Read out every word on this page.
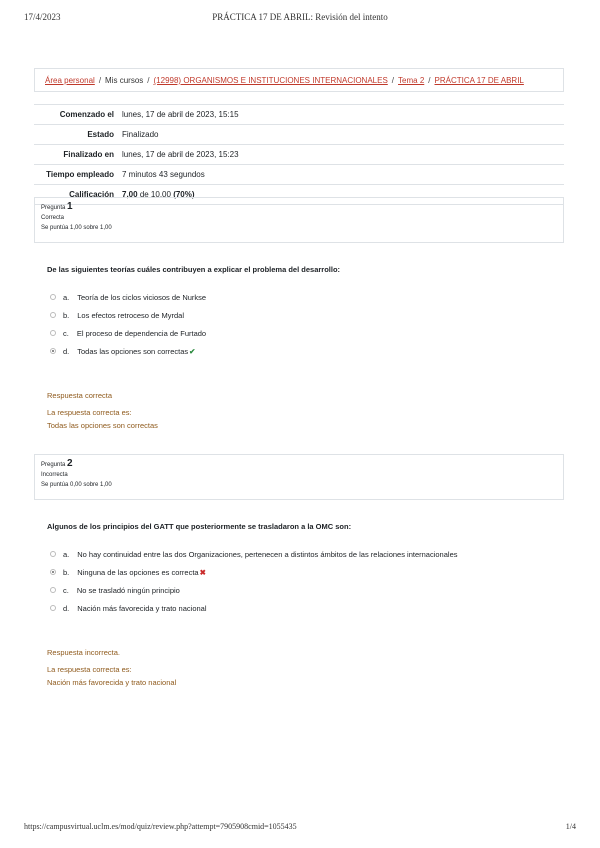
17/4/2023	PRÁCTICA 17 DE ABRIL: Revisión del intento
Área personal / Mis cursos / (12998) ORGANISMOS E INSTITUCIONES INTERNACIONALES / Tema 2 / PRÁCTICA 17 DE ABRIL
Comenzado el	lunes, 17 de abril de 2023, 15:15
Estado	Finalizado
Finalizado en	lunes, 17 de abril de 2023, 15:23
Tiempo empleado	7 minutos 43 segundos
Calificación	7,00 de 10,00 (70%)
Pregunta 1
Correcta
Se puntúa 1,00 sobre 1,00
De las siguientes teorías cuáles contribuyen a explicar el problema del desarrollo:
a. Teoría de los ciclos viciosos de Nurkse
b. Los efectos retroceso de Myrdal
c. El proceso de dependencia de Furtado
d. Todas las opciones son correctas ✔
Respuesta correcta
La respuesta correcta es:
Todas las opciones son correctas
Pregunta 2
Incorrecta
Se puntúa 0,00 sobre 1,00
Algunos de los principios del GATT que posteriormente se trasladaron a la OMC son:
a. No hay continuidad entre las dos Organizaciones, pertenecen a distintos ámbitos de las relaciones internacionales
b. Ninguna de las opciones es correcta ✖
c. No se trasladó ningún principio
d. Nación más favorecida y trato nacional
Respuesta incorrecta.
La respuesta correcta es:
Nación más favorecida y trato nacional
https://campusvirtual.uclm.es/mod/quiz/review.php?attempt=7905908cmid=1055435	1/4
